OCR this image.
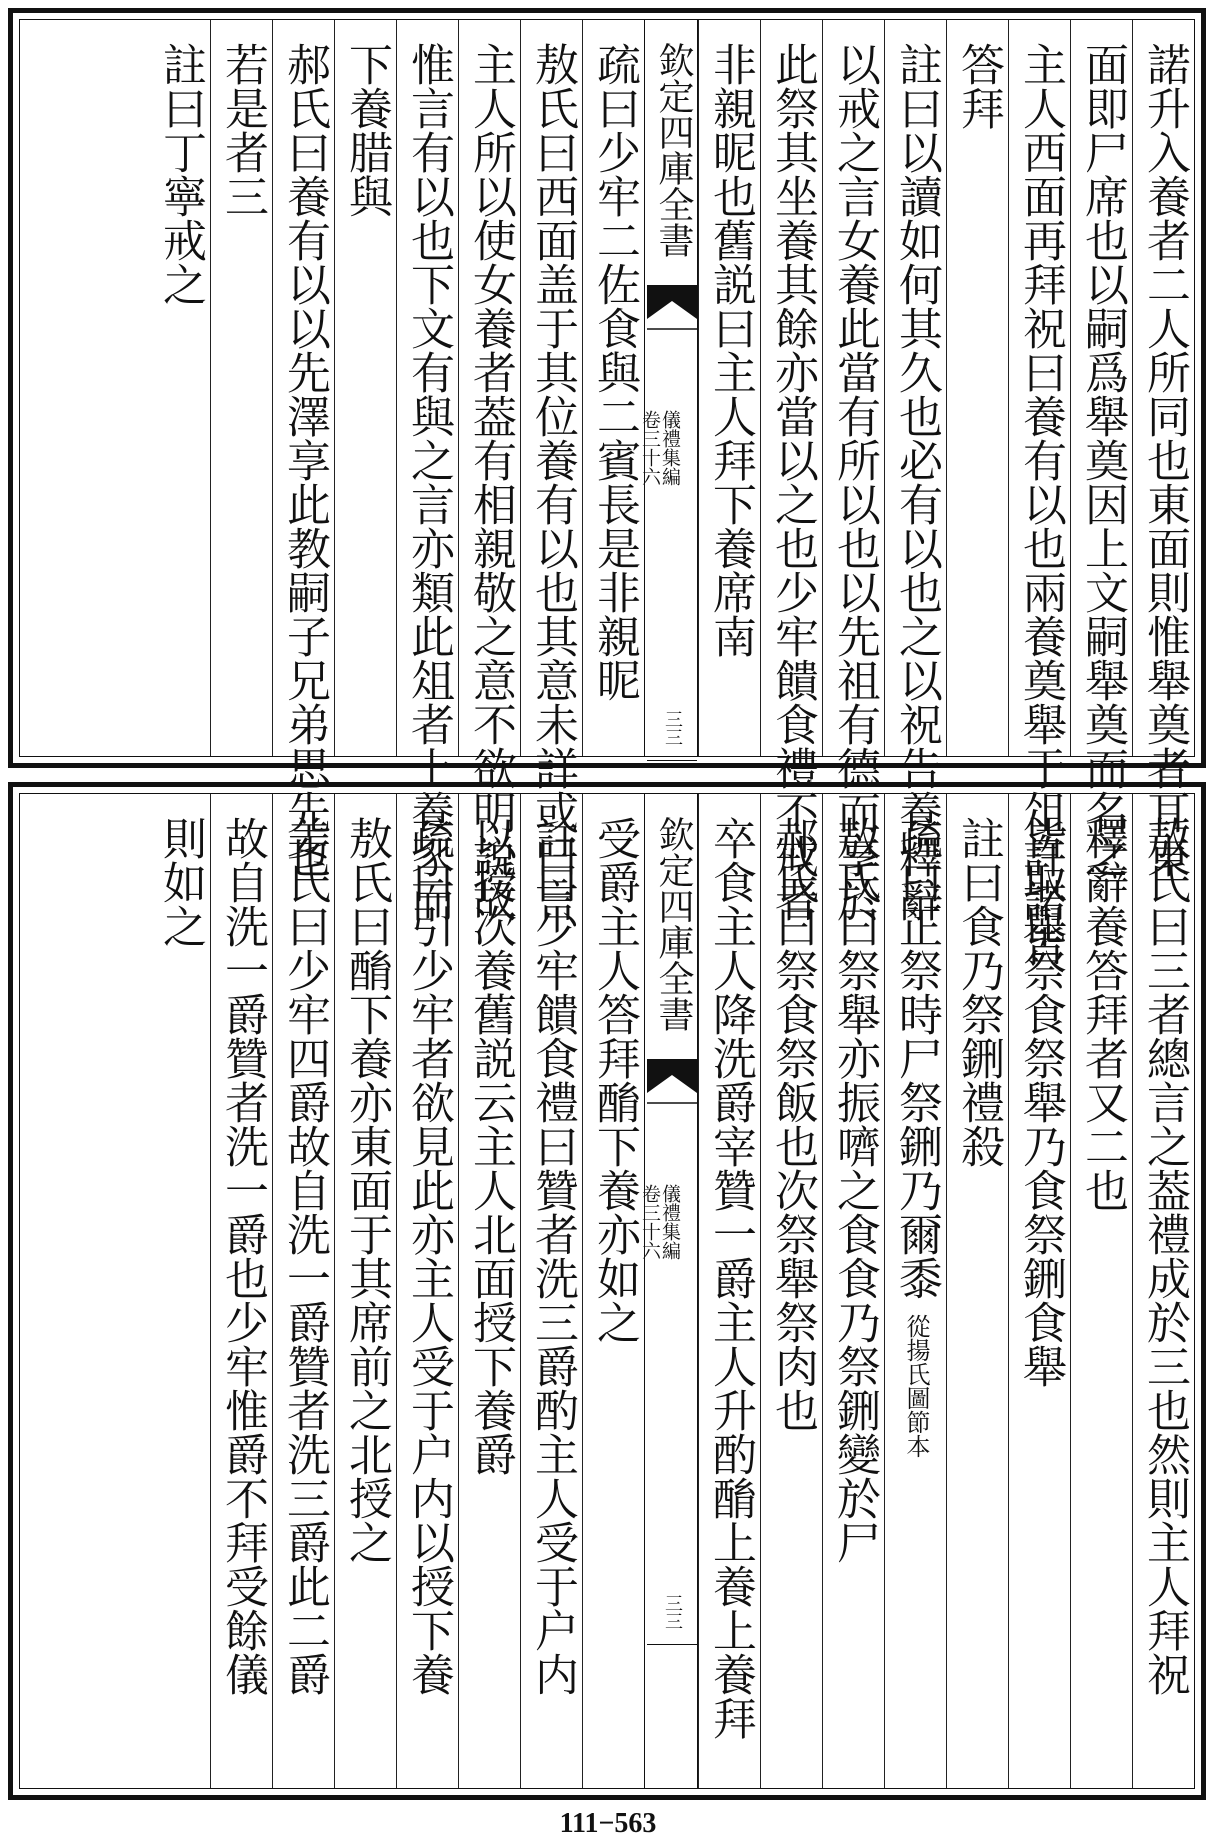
諾升入養者二人所同也東面則惟舉奠者耳東
面即尸席也以嗣爲舉奠因上文嗣舉奠而名之
主人西面再拜祝曰養有以也兩養奠舉于俎許諾皆
答拜
註曰以讀如何其久也必有以也之以祝告養釋辭
以戒之言女養此當有所以也以先祖有德而享於
此祭其坐養其餘亦當以之也少牢饋食禮不戒者
非親昵也舊説曰主人拜下養席南
欽定四庫全書
儀禮集編
卷三十六
三三
疏曰少牢二佐食與二賓長是非親昵
敖氏曰西面盖于其位養有以也其意未詳或曰言
主人所以使女養者葢有相親敬之意不欲明説故
惟言有以也下文有與之言亦類此俎者上養豕而
下養腊與
郝氏曰養有以以先澤享此教嗣子兄弟思先也
若是者三
註曰丁寧戒之
敖氏曰三者總言之葢禮成於三也然則主人拜祝
釋辭養答拜者又二也
皆取舉祭食祭舉乃食祭鉶食舉
註曰食乃祭鉶禮殺
疏曰正祭時尸祭鉶乃爾黍從揚氏圖節本
敖氏曰祭舉亦振嚌之食食乃祭鉶變於尸
郝氏曰祭食祭飯也次祭舉祭肉也
卒食主人降洗爵宰贊一爵主人升酌酳上養上養拜
欽定四庫全書
儀禮集編
卷三十六
三三
受爵主人答拜酳下養亦如之
註曰少牢饋食禮曰贊者洗三爵酌主人受于户内
以授次養舊説云主人北面授下養爵
疏曰引少牢者欲見此亦主人受于户内以授下養
敖氏曰酳下養亦東面于其席前之北授之
姜氏曰少牢四爵故自洗一爵贊者洗三爵此二爵
故自洗一爵贊者洗一爵也少牢惟爵不拜受餘儀
則如之
111−563
